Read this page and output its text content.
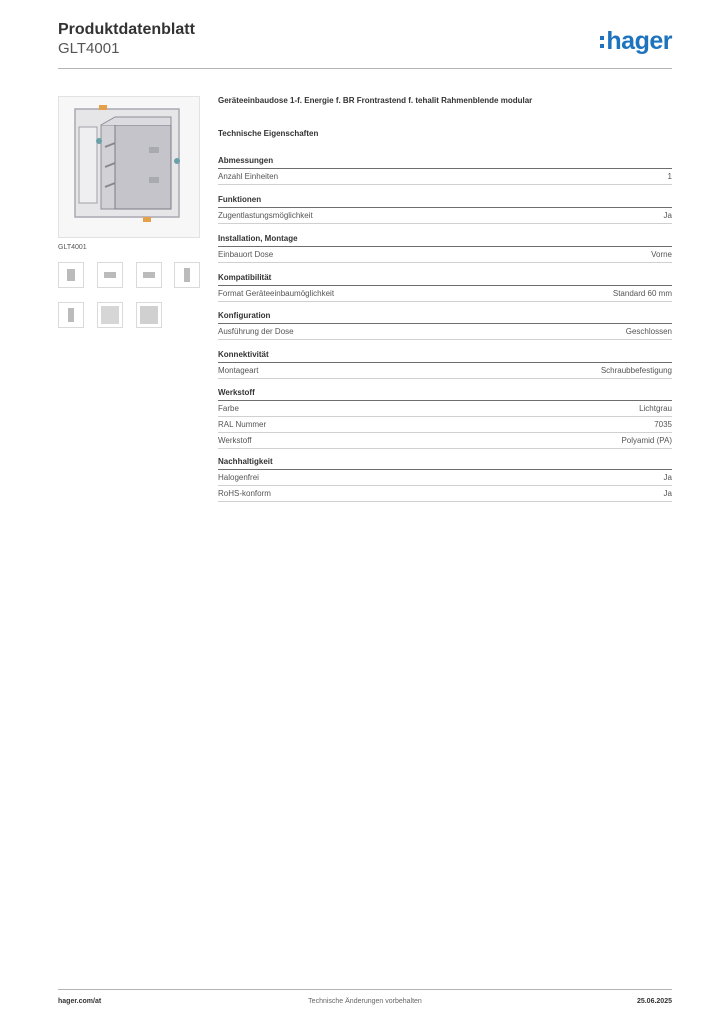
Produktdatenblatt
GLT4001	hager
GLT4001
Geräteeinbaudose 1-f. Energie f. BR Frontrastend f. tehalit Rahmenblende modular
Technische Eigenschaften
Abmessungen
Anzahl Einheiten	1
Funktionen
Zugentlastungsmöglichkeit	Ja
Installation, Montage
Einbauort Dose	Vorne
Kompatibilität
Format Geräteeinbaumöglichkeit	Standard 60 mm
Konfiguration
Ausführung der Dose	Geschlossen
Konnektivität
Montageart	Schraubbefestigung
Werkstoff
Farbe	Lichtgrau
RAL Nummer	7035
Werkstoff	Polyamid (PA)
Nachhaltigkeit
Halogenfrei	Ja
RoHS-konform	Ja
hager.com/at	Technische Änderungen vorbehalten	25.06.2025
